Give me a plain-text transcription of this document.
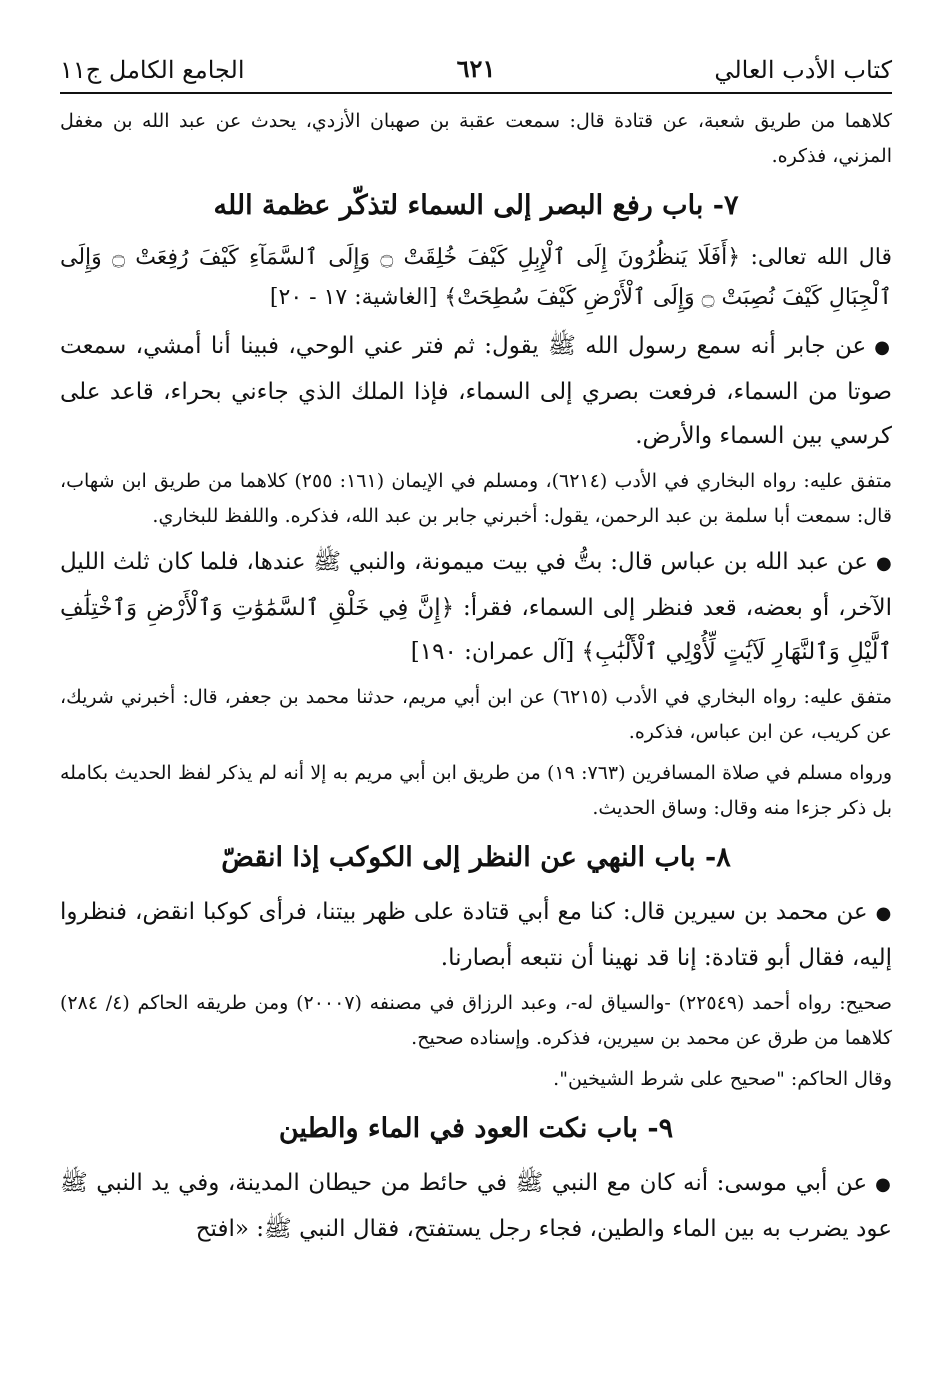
كتاب الأدب العالي
٦٢١
الجامع الكامل ج١١
كلاهما من طريق شعبة، عن قتادة قال: سمعت عقبة بن صهبان الأزدي، يحدث عن عبد الله بن مغفل المزني، فذكره.
٧- باب رفع البصر إلى السماء لتذكّر عظمة الله
قال الله تعالى: ﴿أَفَلَا يَنظُرُونَ إِلَى ٱلْإِبِلِ كَيْفَ خُلِقَتْ ۝ وَإِلَى ٱلسَّمَآءِ كَيْفَ رُفِعَتْ ۝ وَإِلَى ٱلْجِبَالِ كَيْفَ نُصِبَتْ ۝ وَإِلَى ٱلْأَرْضِ كَيْفَ سُطِحَتْ﴾ [الغاشية: ١٧ - ٢٠]
●عن جابر أنه سمع رسول الله ﷺ يقول: ثم فتر عني الوحي، فبينا أنا أمشي، سمعت صوتا من السماء، فرفعت بصري إلى السماء، فإذا الملك الذي جاءني بحراء، قاعد على كرسي بين السماء والأرض.
متفق عليه: رواه البخاري في الأدب (٦٢١٤)، ومسلم في الإيمان (١٦١: ٢٥٥) كلاهما من طريق ابن شهاب، قال: سمعت أبا سلمة بن عبد الرحمن، يقول: أخبرني جابر بن عبد الله، فذكره. واللفظ للبخاري.
●عن عبد الله بن عباس قال: بتُّ في بيت ميمونة، والنبي ﷺ عندها، فلما كان ثلث الليل الآخر، أو بعضه، قعد فنظر إلى السماء، فقرأ: ﴿إِنَّ فِي خَلْقِ ٱلسَّمَٰوَٰتِ وَٱلْأَرْضِ وَٱخْتِلَٰفِ ٱلَّيْلِ وَٱلنَّهَارِ لَآيَٰتٍ لِّأُوْلِي ٱلْأَلْبَٰبِ﴾ [آل عمران: ١٩٠]
متفق عليه: رواه البخاري في الأدب (٦٢١٥) عن ابن أبي مريم، حدثنا محمد بن جعفر، قال: أخبرني شريك، عن كريب، عن ابن عباس، فذكره.
ورواه مسلم في صلاة المسافرين (٧٦٣: ١٩) من طريق ابن أبي مريم به إلا أنه لم يذكر لفظ الحديث بكامله بل ذكر جزءا منه وقال: وساق الحديث.
٨- باب النهي عن النظر إلى الكوكب إذا انقضّ
●عن محمد بن سيرين قال: كنا مع أبي قتادة على ظهر بيتنا، فرأى كوكبا انقض، فنظروا إليه، فقال أبو قتادة: إنا قد نهينا أن نتبعه أبصارنا.
صحيح: رواه أحمد (٢٢٥٤٩) -والسياق له-، وعبد الرزاق في مصنفه (٢٠٠٠٧) ومن طريقه الحاكم (٤/ ٢٨٤) كلاهما من طرق عن محمد بن سيرين، فذكره. وإسناده صحيح.
وقال الحاكم: "صحيح على شرط الشيخين".
٩- باب نكت العود في الماء والطين
●عن أبي موسى: أنه كان مع النبي ﷺ في حائط من حيطان المدينة، وفي يد النبي ﷺ عود يضرب به بين الماء والطين، فجاء رجل يستفتح، فقال النبي ﷺ: «افتح
